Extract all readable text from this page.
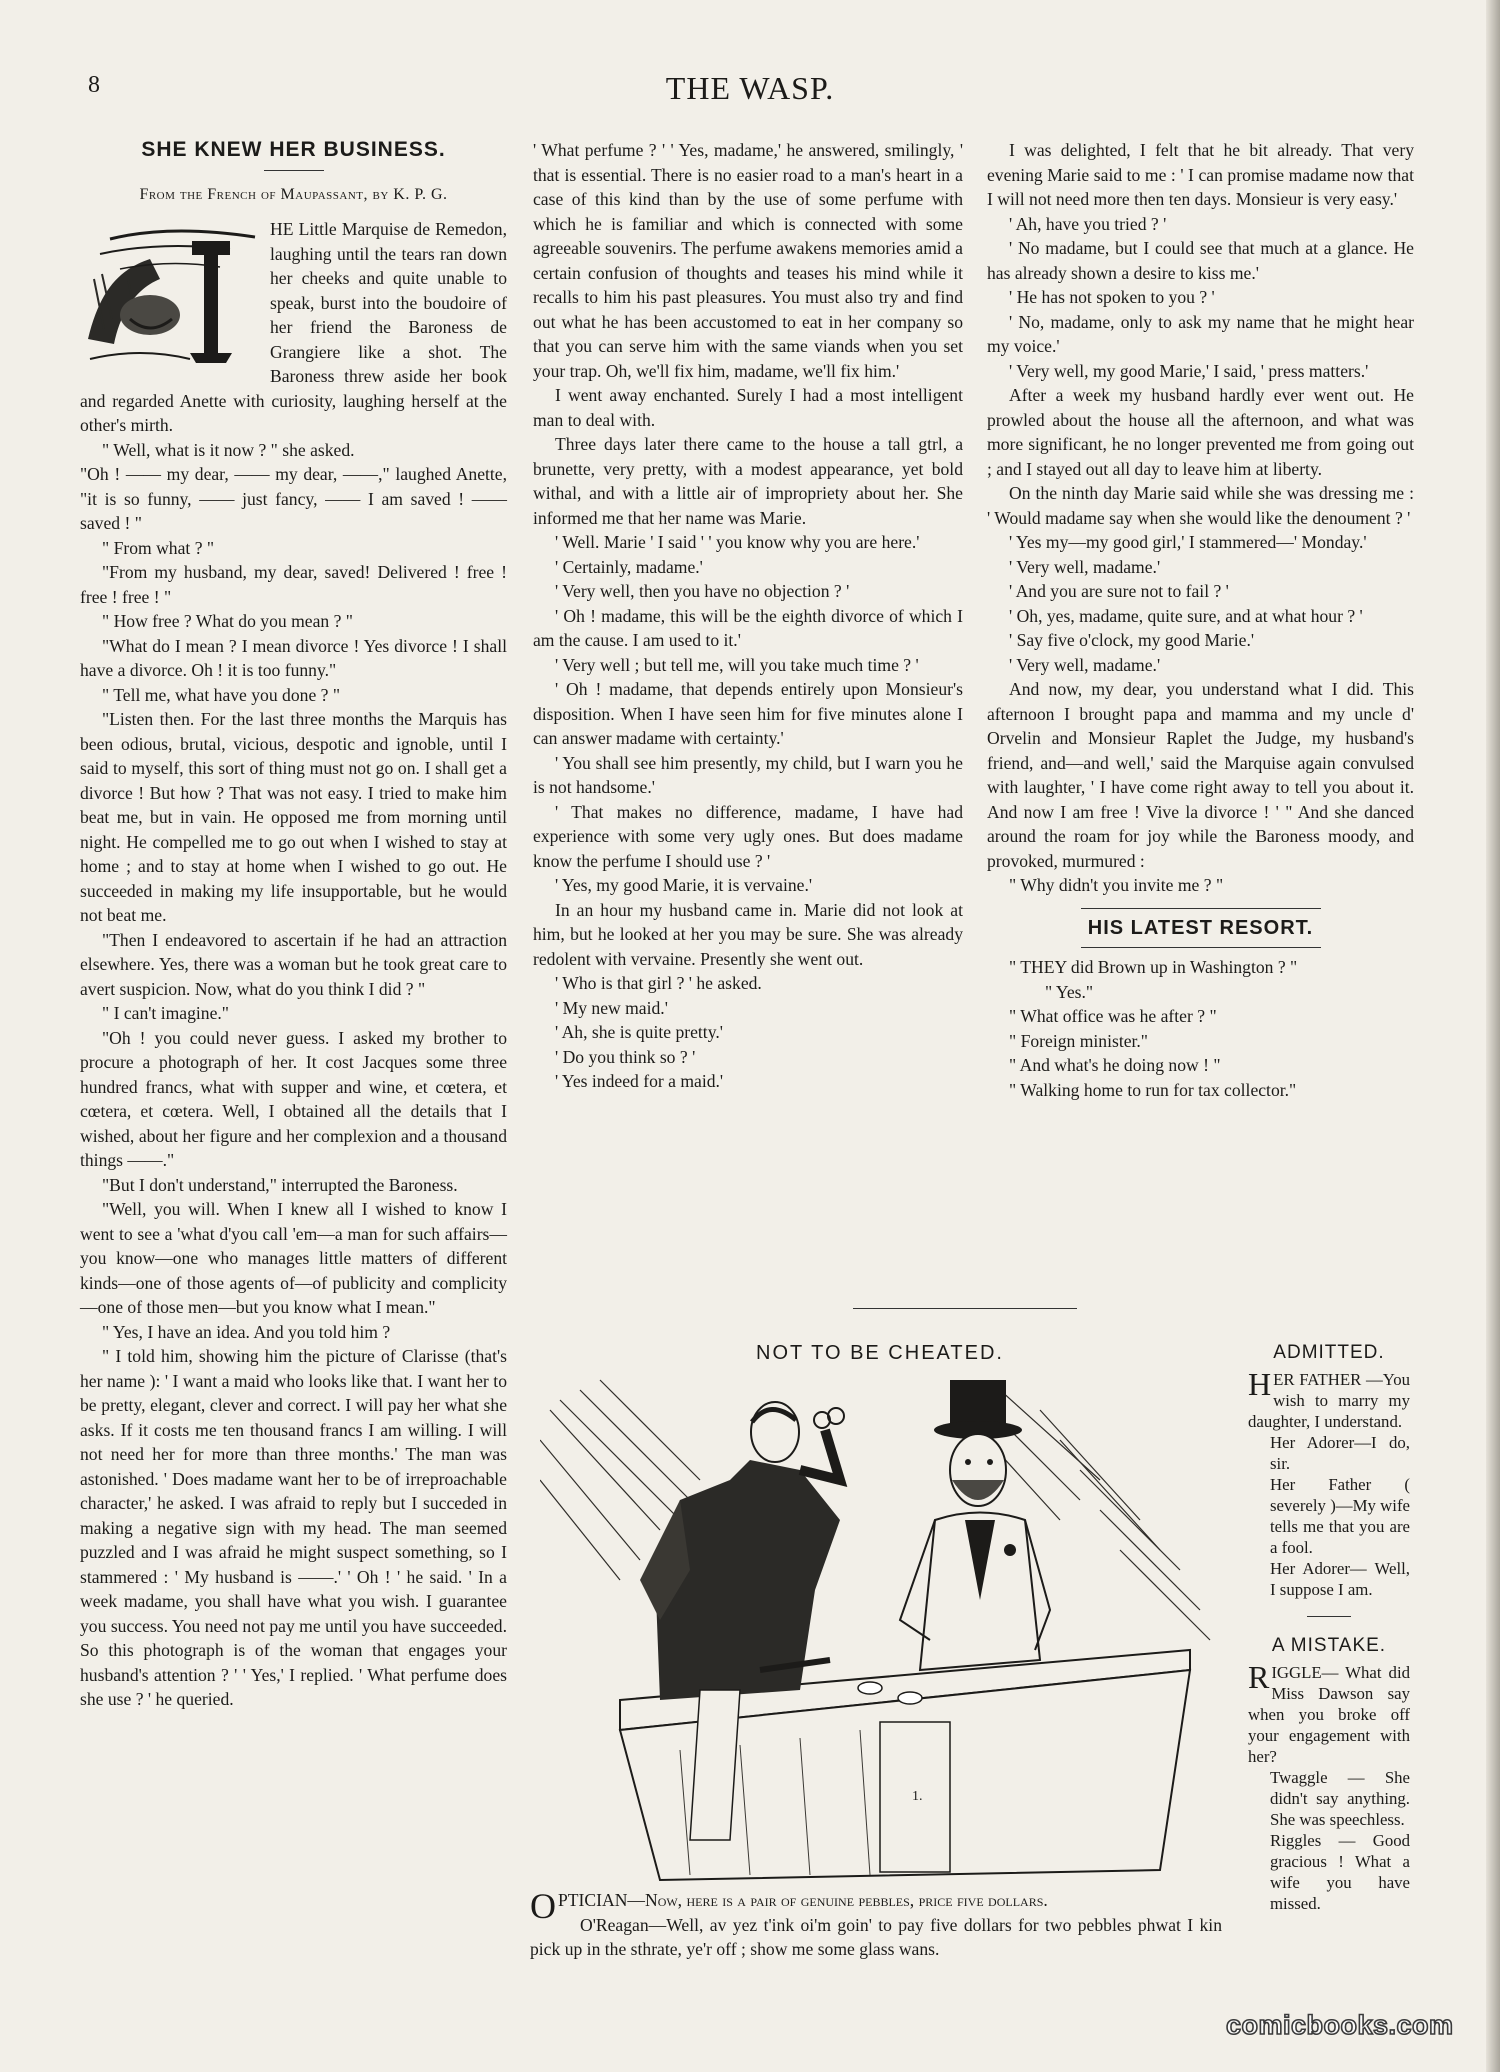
8	THE WASP.
SHE KNEW HER BUSINESS.
From the French of Maupassant, by K. P. G.

HE Little Marquise de Remedon, laughing until the tears ran down her cheeks and quite unable to speak, burst into the boudoire of her friend the Baroness de Grangiere like a shot. The Baroness threw aside her book and regarded Anette with curiosity, laughing herself at the other's mirth.

" Well, what is it now ? " she asked.

"Oh ! —— my dear, —— my dear, ——," laughed Anette, "it is so funny, —— just fancy, —— I am saved ! —— saved ! "

" From what ? "

"From my husband, my dear, saved! Delivered ! free ! free ! free ! "

" How free ? What do you mean ? "

"What do I mean ? I mean divorce ! Yes divorce ! I shall have a divorce. Oh ! it is too funny."

" Tell me, what have you done ? "

"Listen then. For the last three months the Marquis has been odious, brutal, vicious, despotic and ignoble, until I said to myself, this sort of thing must not go on. I shall get a divorce ! But how ? That was not easy. I tried to make him beat me, but in vain. He opposed me from morning until night. He compelled me to go out when I wished to stay at home ; and to stay at home when I wished to go out. He succeeded in making my life insupportable, but he would not beat me.

"Then I endeavored to ascertain if he had an attraction elsewhere. Yes, there was a woman but he took great care to avert suspicion. Now, what do you think I did ? "

" I can't imagine."

"Oh ! you could never guess. I asked my brother to procure a photograph of her. It cost Jacques some three hundred francs, what with supper and wine, et cœtera, et cœtera, et cœtera. Well, I obtained all the details that I wished, about her figure and her complexion and a thousand things ——."

"But I don't understand," interrupted the Baroness.

"Well, you will. When I knew all I wished to know I went to see a 'what d'you call 'em—a man for such affairs—you know—one who manages little matters of different kinds—one of those agents of—of publicity and complicity—one of those men—but you know what I mean."

" Yes, I have an idea. And you told him ?

" I told him, showing him the picture of Clarisse (that's her name ): ' I want a maid who looks like that. I want her to be pretty, elegant, clever and correct. I will pay her what she asks. If it costs me ten thousand francs I am willing. I will not need her for more than three months.' The man was astonished. ' Does madame want her to be of irreproachable character,' he asked. I was afraid to reply but I succeded in making a negative sign with my head. The man seemed puzzled and I was afraid he might suspect something, so I stammered : ' My husband is ——.' ' Oh ! ' he said. ' In a week madame, you shall have what you wish. I guarantee you success. You need not pay me until you have succeeded. So this photograph is of the woman that engages your husband's attention ? ' ' Yes,' I replied. ' What perfume does she use ? ' he queried.

' What perfume ? ' ' Yes, madame,' he answered, smilingly, ' that is essential. There is no easier road to a man's heart in a case of this kind than by the use of some perfume with which he is familiar and which is connected with some agreeable souvenirs. The perfume awakens memories amid a certain confusion of thoughts and teases his mind while it recalls to him his past pleasures. You must also try and find out what he has been accustomed to eat in her company so that you can serve him with the same viands when you set your trap. Oh, we'll fix him, madame, we'll fix him.'

I went away enchanted. Surely I had a most intelligent man to deal with.

Three days later there came to the house a tall gtrl, a brunette, very pretty, with a modest appearance, yet bold withal, and with a little air of impropriety about her. She informed me that her name was Marie.

' Well. Marie ' I said ' ' you know why you are here.'

' Certainly, madame.'

' Very well, then you have no objection ? '

' Oh ! madame, this will be the eighth divorce of which I am the cause. I am used to it.'

' Very well ; but tell me, will you take much time ? '

' Oh ! madame, that depends entirely upon Monsieur's disposition. When I have seen him for five minutes alone I can answer madame with certainty.'

' You shall see him presently, my child, but I warn you he is not handsome.'

' That makes no difference, madame, I have had experience with some very ugly ones. But does madame know the perfume I should use ? '

' Yes, my good Marie, it is vervaine.'

In an hour my husband came in. Marie did not look at him, but he looked at her you may be sure. She was already redolent with vervaine. Presently she went out.

' Who is that girl ? ' he asked.

' My new maid.'

' Ah, she is quite pretty.'

' Do you think so ? '

' Yes indeed for a maid.'

I was delighted, I felt that he bit already. That very evening Marie said to me : ' I can promise madame now that I will not need more then ten days. Monsieur is very easy.'

' Ah, have you tried ? '

' No madame, but I could see that much at a glance. He has already shown a desire to kiss me.'

' He has not spoken to you ? '

' No, madame, only to ask my name that he might hear my voice.'

' Very well, my good Marie,' I said, ' press matters.'

After a week my husband hardly ever went out. He prowled about the house all the afternoon, and what was more significant, he no longer prevented me from going out ; and I stayed out all day to leave him at liberty.

On the ninth day Marie said while she was dressing me : ' Would madame say when she would like the denoument ? '

' Yes my—my good girl,' I stammered—' Monday.'

' Very well, madame.'

' And you are sure not to fail ? '

' Oh, yes, madame, quite sure, and at what hour ? '

' Say five o'clock, my good Marie.'

' Very well, madame.'

And now, my dear, you understand what I did. This afternoon I brought papa and mamma and my uncle d' Orvelin and Monsieur Raplet the Judge, my husband's friend, and—and well,' said the Marquise again convulsed with laughter, ' I have come right away to tell you about it. And now I am free ! Vive la divorce ! ' " And she danced around the roam for joy while the Baroness moody, and provoked, murmured :

" Why didn't you invite me ? "

HIS LATEST RESORT.

" THEY did Brown up in Washington ? "

" Yes."

" What office was he after ? "

" Foreign minister."

" And what's he doing now ! "

" Walking home to run for tax collector."

NOT TO BE CHEATED.
1.

OPTICIAN—Now, here is a pair of genuine pebbles, price five dollars.

O'Reagan—Well, av yez t'ink oi'm goin' to pay five dollars for two pebbles phwat I kin pick up in the sthrate, ye'r off ; show me some glass wans.

ADMITTED.

HER FATHER —You wish to marry my daughter, I understand.

Her Adorer—I do, sir.

Her Father ( severely )—My wife tells me that you are a fool.

Her Adorer— Well, I suppose I am.

A MISTAKE.

RIGGLE— What did Miss Dawson say when you broke off your engagement with her?

Twaggle — She didn't say anything. She was speechless.

Riggles — Good gracious ! What a wife you have missed.

comicbooks.com
